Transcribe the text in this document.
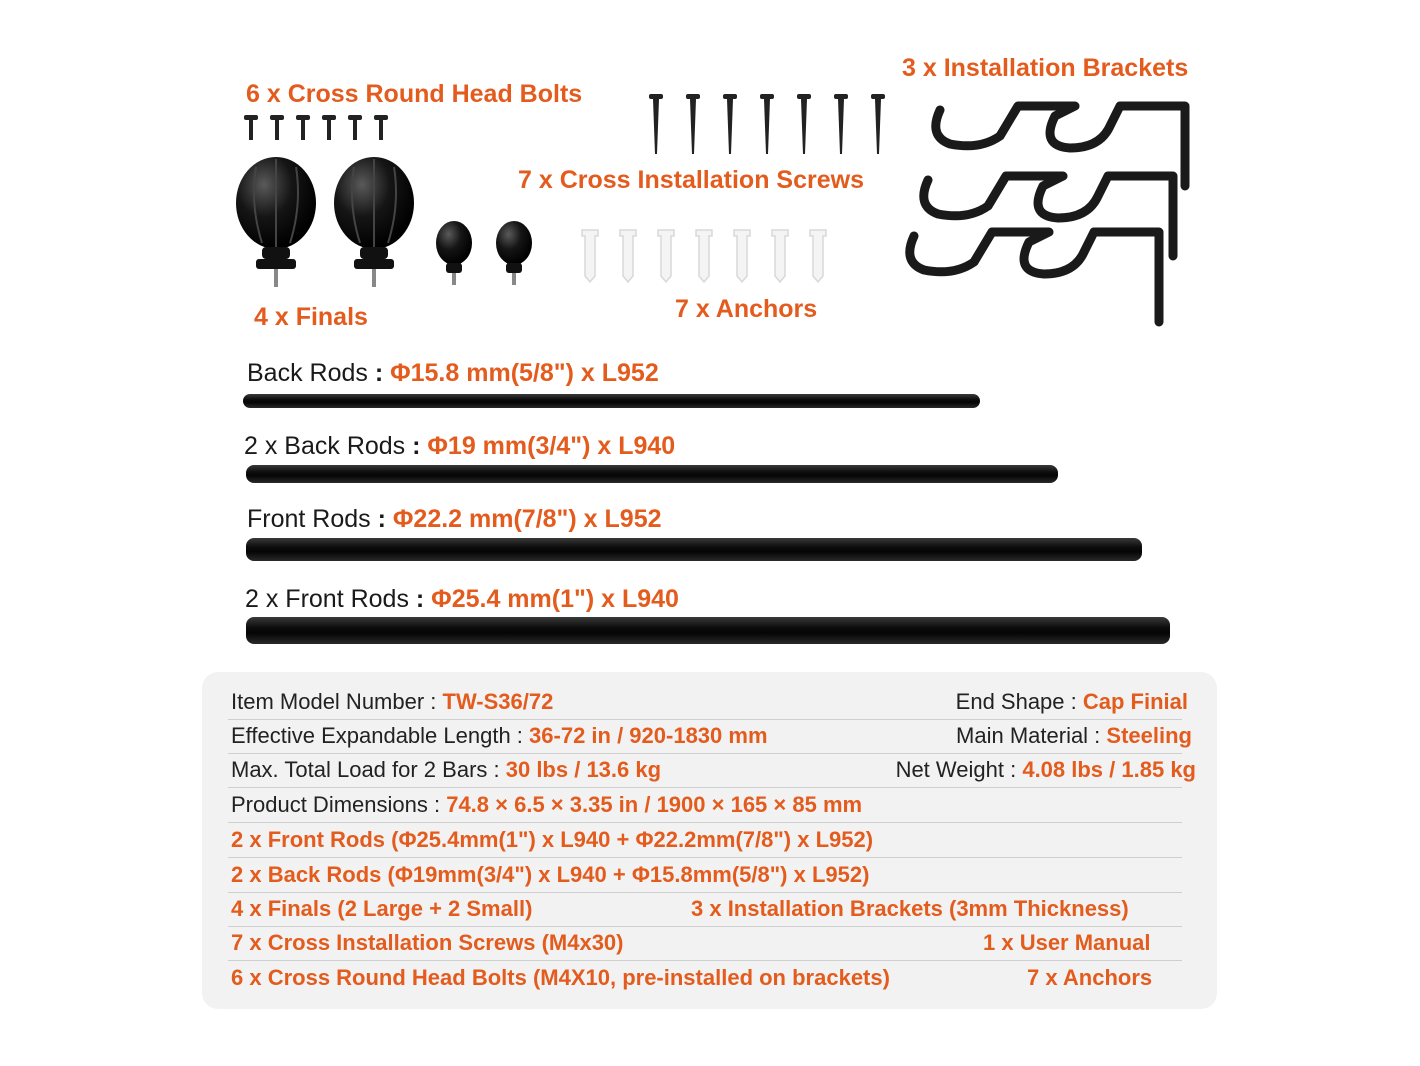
6 x Cross Round Head Bolts
7 x Cross Installation Screws
3 x Installation Brackets
4 x Finals	7 x Anchors
Back Rods : Φ15.8 mm(5/8") x L952
2 x Back Rods : Φ19 mm(3/4") x L940
Front Rods : Φ22.2 mm(7/8") x L952
2 x Front Rods : Φ25.4 mm(1") x L940
Item Model Number : TW-S36/72	End Shape : Cap Finial
Effective Expandable Length : 36-72 in / 920-1830 mm	Main Material : Steeling
Max. Total Load for 2 Bars : 30 lbs / 13.6 kg	Net Weight : 4.08 lbs / 1.85 kg
Product Dimensions : 74.8 × 6.5 × 3.35 in / 1900 × 165 × 85 mm
2 x Front Rods (Φ25.4mm(1") x L940 + Φ22.2mm(7/8") x L952)
2 x Back Rods (Φ19mm(3/4") x L940 + Φ15.8mm(5/8") x L952)
4 x Finals (2 Large + 2 Small)	3 x Installation Brackets (3mm Thickness)
7 x Cross Installation Screws (M4x30)	1 x User Manual
6 x Cross Round Head Bolts (M4X10, pre-installed on brackets)	7 x Anchors
